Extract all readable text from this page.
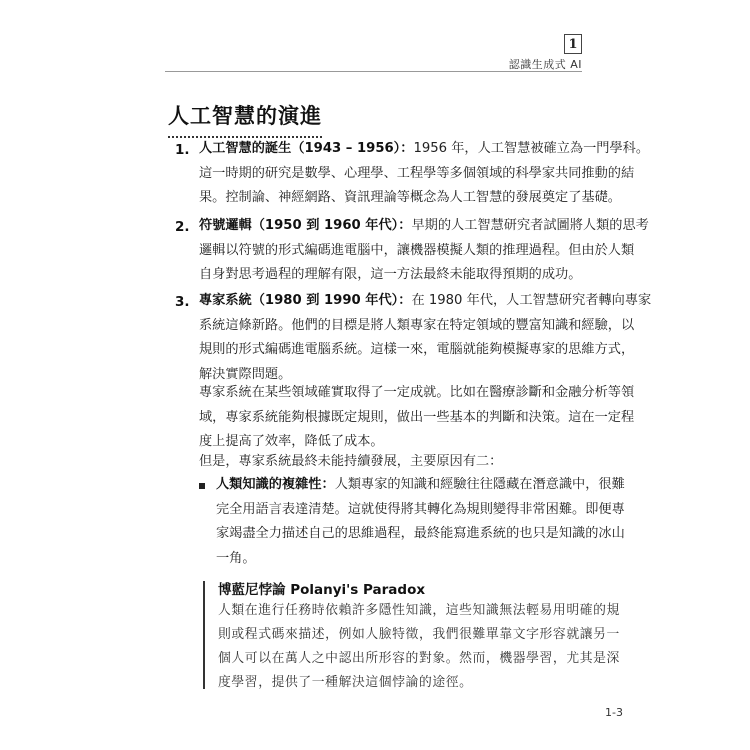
1
認識生成式 AI
人工智慧的演進
1. 人工智慧的誕生（1943 – 1956）：1956 年，人工智慧被確立為一門學科。
這一時期的研究是數學、心理學、工程學等多個領域的科學家共同推動的結
果。控制論、神經網路、資訊理論等概念為人工智慧的發展奠定了基礎。
2. 符號邏輯（1950 到 1960 年代）：早期的人工智慧研究者試圖將人類的思考
邏輯以符號的形式編碼進電腦中，讓機器模擬人類的推理過程。但由於人類
自身對思考過程的理解有限，這一方法最終未能取得預期的成功。
3. 專家系統（1980 到 1990 年代）：在 1980 年代，人工智慧研究者轉向專家
系統這條新路。他們的目標是將人類專家在特定領域的豐富知識和經驗，以
規則的形式編碼進電腦系統。這樣一來，電腦就能夠模擬專家的思維方式，
解決實際問題。
專家系統在某些領域確實取得了一定成就。比如在醫療診斷和金融分析等領
域，專家系統能夠根據既定規則，做出一些基本的判斷和決策。這在一定程
度上提高了效率，降低了成本。
但是，專家系統最終未能持續發展，主要原因有二：
人類知識的複雜性：人類專家的知識和經驗往往隱藏在潛意識中，很難
完全用語言表達清楚。這就使得將其轉化為規則變得非常困難。即便專
家竭盡全力描述自己的思維過程，最終能寫進系統的也只是知識的冰山
一角。
博藍尼悖論 Polanyi's Paradox
人類在進行任務時依賴許多隱性知識，這些知識無法輕易用明確的規
則或程式碼來描述，例如人臉特徵，我們很難單靠文字形容就讓另一
個人可以在萬人之中認出所形容的對象。然而，機器學習，尤其是深
度學習，提供了一種解決這個悖論的途徑。
1-3
